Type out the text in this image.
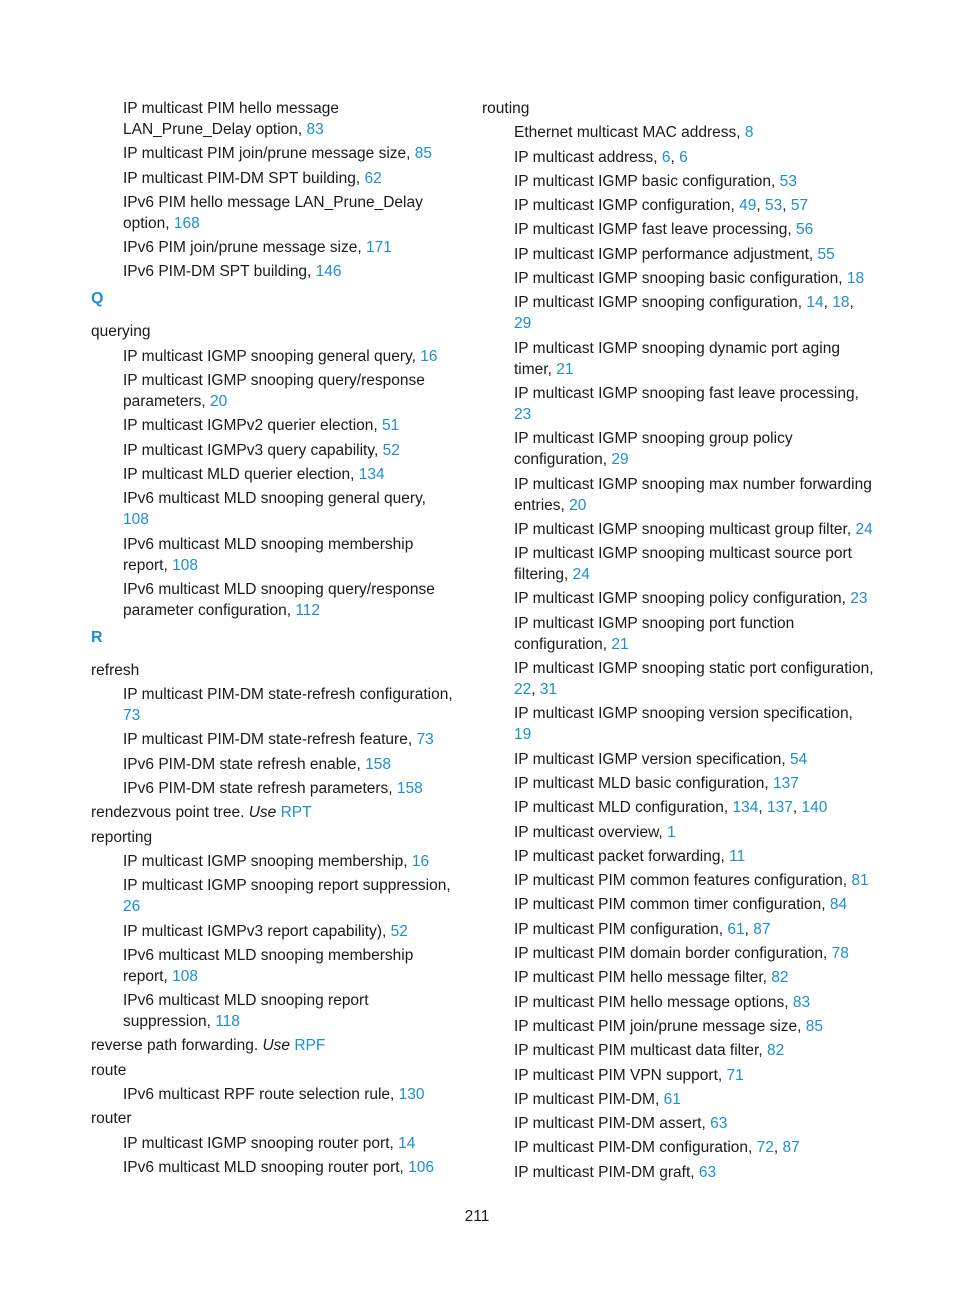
IP multicast PIM hello message LAN_Prune_Delay option, 83
IP multicast PIM join/prune message size, 85
IP multicast PIM-DM SPT building, 62
IPv6 PIM hello message LAN_Prune_Delay option, 168
IPv6 PIM join/prune message size, 171
IPv6 PIM-DM SPT building, 146
Q
querying
IP multicast IGMP snooping general query, 16
IP multicast IGMP snooping query/response parameters, 20
IP multicast IGMPv2 querier election, 51
IP multicast IGMPv3 query capability, 52
IP multicast MLD querier election, 134
IPv6 multicast MLD snooping general query, 108
IPv6 multicast MLD snooping membership report, 108
IPv6 multicast MLD snooping query/response parameter configuration, 112
R
refresh
IP multicast PIM-DM state-refresh configuration, 73
IP multicast PIM-DM state-refresh feature, 73
IPv6 PIM-DM state refresh enable, 158
IPv6 PIM-DM state refresh parameters, 158
rendezvous point tree. Use RPT
reporting
IP multicast IGMP snooping membership, 16
IP multicast IGMP snooping report suppression, 26
IP multicast IGMPv3 report capability), 52
IPv6 multicast MLD snooping membership report, 108
IPv6 multicast MLD snooping report suppression, 118
reverse path forwarding. Use RPF
route
IPv6 multicast RPF route selection rule, 130
router
IP multicast IGMP snooping router port, 14
IPv6 multicast MLD snooping router port, 106
routing
Ethernet multicast MAC address, 8
IP multicast address, 6, 6
IP multicast IGMP basic configuration, 53
IP multicast IGMP configuration, 49, 53, 57
IP multicast IGMP fast leave processing, 56
IP multicast IGMP performance adjustment, 55
IP multicast IGMP snooping basic configuration, 18
IP multicast IGMP snooping configuration, 14, 18, 29
IP multicast IGMP snooping dynamic port aging timer, 21
IP multicast IGMP snooping fast leave processing, 23
IP multicast IGMP snooping group policy configuration, 29
IP multicast IGMP snooping max number forwarding entries, 20
IP multicast IGMP snooping multicast group filter, 24
IP multicast IGMP snooping multicast source port filtering, 24
IP multicast IGMP snooping policy configuration, 23
IP multicast IGMP snooping port function configuration, 21
IP multicast IGMP snooping static port configuration, 22, 31
IP multicast IGMP snooping version specification, 19
IP multicast IGMP version specification, 54
IP multicast MLD basic configuration, 137
IP multicast MLD configuration, 134, 137, 140
IP multicast overview, 1
IP multicast packet forwarding, 11
IP multicast PIM common features configuration, 81
IP multicast PIM common timer configuration, 84
IP multicast PIM configuration, 61, 87
IP multicast PIM domain border configuration, 78
IP multicast PIM hello message filter, 82
IP multicast PIM hello message options, 83
IP multicast PIM join/prune message size, 85
IP multicast PIM multicast data filter, 82
IP multicast PIM VPN support, 71
IP multicast PIM-DM, 61
IP multicast PIM-DM assert, 63
IP multicast PIM-DM configuration, 72, 87
IP multicast PIM-DM graft, 63
211
